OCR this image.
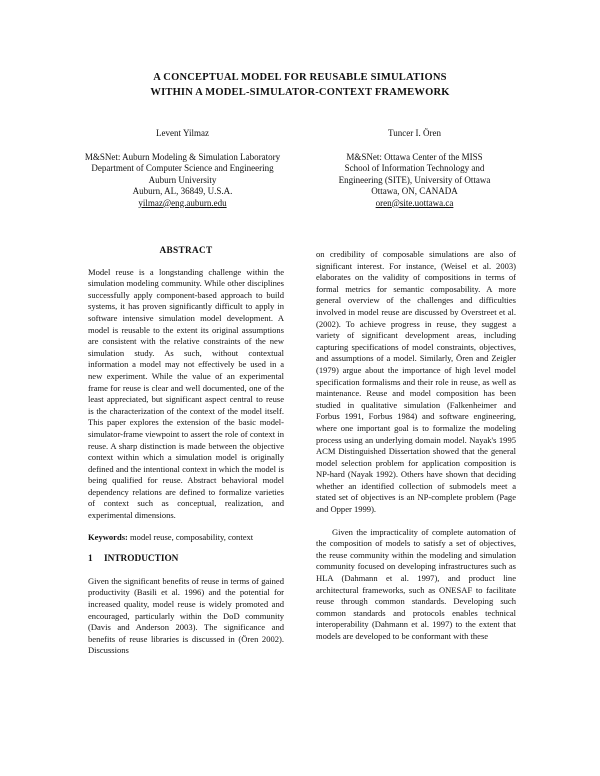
A CONCEPTUAL MODEL FOR REUSABLE SIMULATIONS
WITHIN A MODEL-SIMULATOR-CONTEXT FRAMEWORK
Levent Yilmaz
M&SNet: Auburn Modeling & Simulation Laboratory
Department of Computer Science and Engineering
Auburn University
Auburn, AL, 36849, U.S.A.
yilmaz@eng.auburn.edu
Tuncer I. Ören
M&SNet: Ottawa Center of the MISS
School of Information Technology and
Engineering (SITE), University of Ottawa
Ottawa, ON, CANADA
oren@site.uottawa.ca

ABSTRACT

Model reuse is a longstanding challenge within the simulation modeling community. While other disciplines successfully apply component-based approach to build systems, it has proven significantly difficult to apply in software intensive simulation model development. A model is reusable to the extent its original assumptions are consistent with the relative constraints of the new simulation study. As such, without contextual information a model may not effectively be used in a new experiment. While the value of an experimental frame for reuse is clear and well documented, one of the least appreciated, but significant aspect central to reuse is the characterization of the context of the model itself. This paper explores the extension of the basic model-simulator-frame viewpoint to assert the role of context in reuse. A sharp distinction is made between the objective context within which a simulation model is originally defined and the intentional context in which the model is being qualified for reuse. Abstract behavioral model dependency relations are defined to formalize varieties of context such as conceptual, realization, and experimental dimensions.

Keywords: model reuse, composability, context

1 INTRODUCTION

Given the significant benefits of reuse in terms of gained productivity (Basili et al. 1996) and the potential for increased quality, model reuse is widely promoted and encouraged, particularly within the DoD community (Davis and Anderson 2003). The significance and benefits of reuse libraries is discussed in (Ören 2002). Discussions

on credibility of composable simulations are also of significant interest. For instance, (Weisel et al. 2003) elaborates on the validity of compositions in terms of formal metrics for semantic composability. A more general overview of the challenges and difficulties involved in model reuse are discussed by Overstreet et al. (2002). To achieve progress in reuse, they suggest a variety of significant development areas, including capturing specifications of model constraints, objectives, and assumptions of a model. Similarly, Ören and Zeigler (1979) argue about the importance of high level model specification formalisms and their role in reuse, as well as maintenance. Reuse and model composition has been studied in qualitative simulation (Falkenheimer and Forbus 1991, Forbus 1984) and software engineering, where one important goal is to formalize the modeling process using an underlying domain model. Nayak's 1995 ACM Distinguished Dissertation showed that the general model selection problem for application composition is NP-hard (Nayak 1992). Others have shown that deciding whether an identified collection of submodels meet a stated set of objectives is an NP-complete problem (Page and Opper 1999).

Given the impracticality of complete automation of the composition of models to satisfy a set of objectives, the reuse community within the modeling and simulation community focused on developing infrastructures such as HLA (Dahmann et al. 1997), and product line architectural frameworks, such as ONESAF to facilitate reuse through common standards. Developing such common standards and protocols enables technical interoperability (Dahmann et al. 1997) to the extent that models are developed to be conformant with these
